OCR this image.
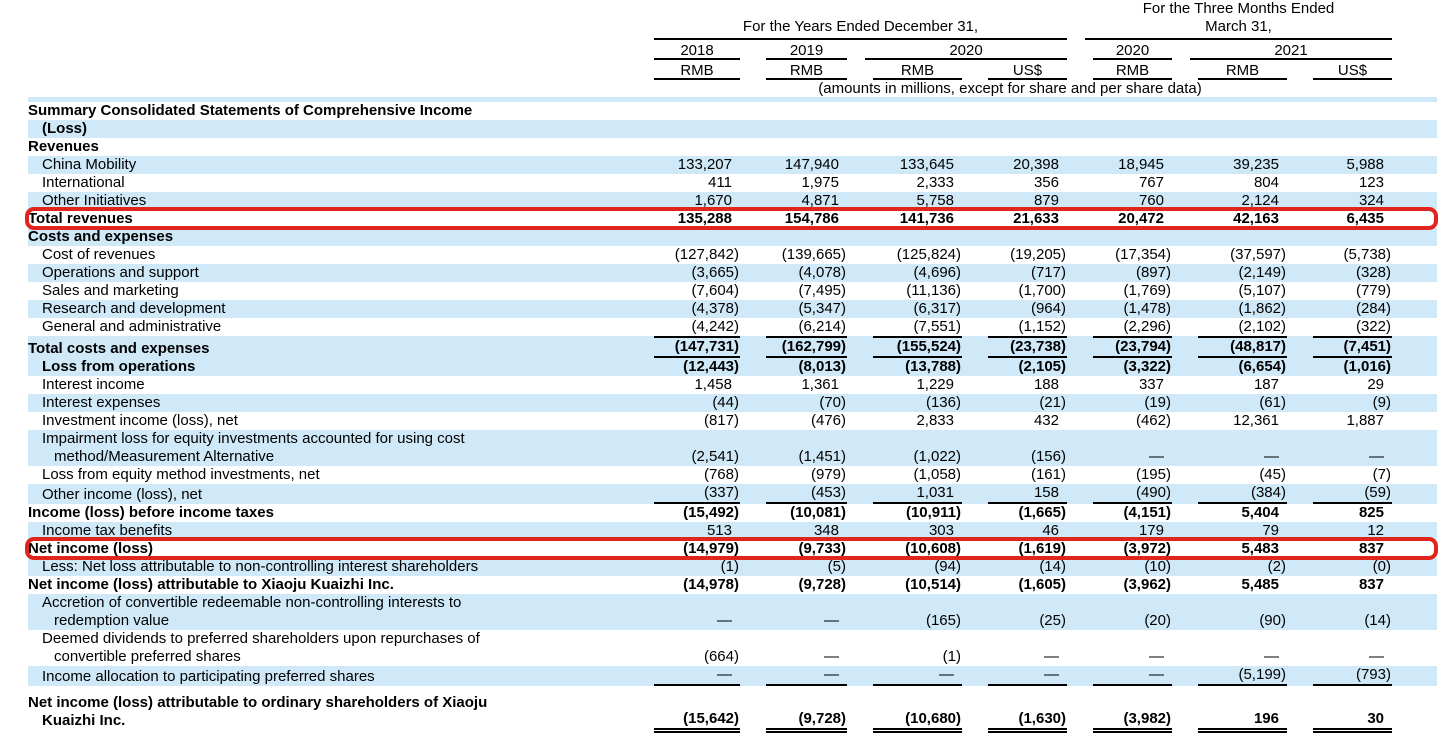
For the Years Ended December 31,
For the Three Months Ended
March 31,
2018	2019	2020	2020	2021
RMB	RMB	RMB	US$	RMB	RMB	US$
(amounts in millions, except for share and per share data)
Summary Consolidated Statements of Comprehensive Income
(Loss)
Revenues
China Mobility	133,207	147,940	133,645	20,398	18,945	39,235	5,988
International	411	1,975	2,333	356	767	804	123
Other Initiatives	1,670	4,871	5,758	879	760	2,124	324
Total revenues	135,288	154,786	141,736	21,633	20,472	42,163	6,435
Costs and expenses
Cost of revenues	(127,842)	(139,665)	(125,824)	(19,205)	(17,354)	(37,597)	(5,738)
Operations and support	(3,665)	(4,078)	(4,696)	(717)	(897)	(2,149)	(328)
Sales and marketing	(7,604)	(7,495)	(11,136)	(1,700)	(1,769)	(5,107)	(779)
Research and development	(4,378)	(5,347)	(6,317)	(964)	(1,478)	(1,862)	(284)
General and administrative	(4,242)	(6,214)	(7,551)	(1,152)	(2,296)	(2,102)	(322)
Total costs and expenses	(147,731)	(162,799)	(155,524)	(23,738)	(23,794)	(48,817)	(7,451)
Loss from operations	(12,443)	(8,013)	(13,788)	(2,105)	(3,322)	(6,654)	(1,016)
Interest income	1,458	1,361	1,229	188	337	187	29
Interest expenses	(44)	(70)	(136)	(21)	(19)	(61)	(9)
Investment income (loss), net	(817)	(476)	2,833	432	(462)	12,361	1,887
Impairment loss for equity investments accounted for using cost
method/Measurement Alternative	(2,541)	(1,451)	(1,022)	(156)	—	—	—
Loss from equity method investments, net	(768)	(979)	(1,058)	(161)	(195)	(45)	(7)
Other income (loss), net	(337)	(453)	1,031	158	(490)	(384)	(59)
Income (loss) before income taxes	(15,492)	(10,081)	(10,911)	(1,665)	(4,151)	5,404	825
Income tax benefits	513	348	303	46	179	79	12
Net income (loss)	(14,979)	(9,733)	(10,608)	(1,619)	(3,972)	5,483	837
Less: Net loss attributable to non-controlling interest shareholders	(1)	(5)	(94)	(14)	(10)	(2)	(0)
Net income (loss) attributable to Xiaoju Kuaizhi Inc.	(14,978)	(9,728)	(10,514)	(1,605)	(3,962)	5,485	837
Accretion of convertible redeemable non-controlling interests to
redemption value	—	—	(165)	(25)	(20)	(90)	(14)
Deemed dividends to preferred shareholders upon repurchases of
convertible preferred shares	(664)	—	(1)	—	—	—	—
Income allocation to participating preferred shares	—	—	—	—	—	(5,199)	(793)
Net income (loss) attributable to ordinary shareholders of Xiaoju
Kuaizhi Inc.	(15,642)	(9,728)	(10,680)	(1,630)	(3,982)	196	30
